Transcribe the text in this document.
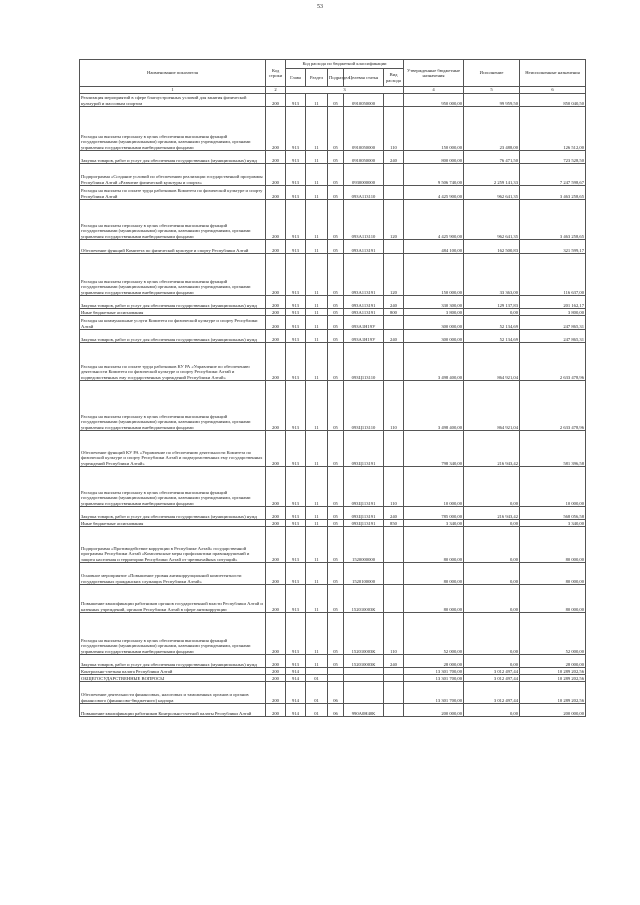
53
Наименование показателя	Код строки	Код расхода по бюджетной классификации					Утвержденные бюджетные назначения	Исполнение	Неисполненные назначения
		Глава	Раздел	Подраздел	Целевая статья	Вид расхода			
1	2	3					4	5	6
Реализация мероприятий в сфере благоустроенных условий для занятия физической культурой и массовым спортом	200	913	11	05	0910050000		950 000,00	99 959,50	850 040,50
Расходы на выплаты персоналу в целях обеспечения выполнения функций государственными (муниципальными) органами, казенными учреждениями, органами управления государственными внебюджетными фондами	200	913	11	05	0910050000	110	150 000,00	23 488,00	126 512,00
Закупка товаров, работ и услуг для обеспечения государственных (муниципальных) нужд	200	913	11	05	0910050000	240	800 000,00	76 471,50	723 528,50
Подпрограмма «Создание условий по обеспечению реализации государственной программы Республики Алтай «Развитие физической культуры и спорта»	200	913	11	05	0930000000		9 506 740,00	2 259 141,33	7 247 598,67
Расходы на выплаты по оплате труда работников Комитета по физической культуре и спорту Республики Алтай	200	913	11	05	093А113110		4 425 900,00	962 641,35	3 463 258,65
Расходы на выплаты персоналу в целях обеспечения выполнения функций государственными (муниципальными) органами, казенными учреждениями, органами управления государственными внебюджетными фондами	200	913	11	05	093А113110	120	4 425 900,00	962 641,35	3 463 258,65
Обеспечение функций Комитета по физической культуре и спорту Республики Алтай	200	913	11	05	093А113191		484 100,00	162 500,83	321 599,17
Расходы на выплаты персоналу в целях обеспечения выполнения функций государственными (муниципальными) органами, казенными учреждениями, органами управления государственными внебюджетными фондами	200	913	11	05	093А113191	120	150 000,00	33 363,00	116 637,00
Закупка товаров, работ и услуг для обеспечения государственных (муниципальных) нужд	200	913	11	05	093А113191	240	330 300,00	129 137,83	201 162,17
Иные бюджетные ассигнования	200	913	11	05	093А113191	800	3 800,00	0,00	3 800,00
Расходы на коммунальные услуги Комитета по физической культуре и спорту Республики Алтай	200	913	11	05	093А1Н19У		300 000,00	52 134,69	247 865,31
Закупка товаров, работ и услуг для обеспечения государственных (муниципальных) нужд	200	913	11	05	093А1Н19У	240	300 000,00	52 134,69	247 865,31
Расходы на выплаты по оплате труда работников КУ РА «Управление по обеспечению деятельности Комитета по физической культуре и спорту Республики Алтай и подведомственных ему государственных учреждений Республики Алтай»	200	913	11	05	093Ц113110		3 498 400,00	864 921,04	2 633 478,96
Расходы на выплаты персоналу в целях обеспечения выполнения функций государственными (муниципальными) органами, казенными учреждениями, органами управления государственными внебюджетными фондами	200	913	11	05	093Ц113110	110	3 498 400,00	864 921,04	2 633 478,96
Обеспечение функций КУ РА «Управление по обеспечению деятельности Комитета по физической культуре и спорту Республики Алтай и подведомственных ему государственных учреждений Республики Алтай»	200	913	11	05	093Ц113191		798 340,00	216 943,42	581 396,58
Расходы на выплаты персоналу в целях обеспечения выполнения функций государственными (муниципальными) органами, казенными учреждениями, органами управления государственными внебюджетными фондами	200	913	11	05	093Ц113191	110	10 000,00	0,00	10 000,00
Закупка товаров, работ и услуг для обеспечения государственных (муниципальных) нужд	200	913	11	05	093Ц113191	240	785 000,00	216 943,42	568 056,58
Иные бюджетные ассигнования	200	913	11	05	093Ц113191	850	3 340,00	0,00	3 340,00
Подпрограмма «Противодействие коррупции в Республике Алтай» государственной программы Республики Алтай «Комплексные меры профилактики правонарушений и защита населения и территории Республики Алтай от чрезвычайных ситуаций»	200	913	11	05	1520000000		80 000,00	0,00	80 000,00
Основное мероприятие «Повышение уровня антикоррупционной компетентности государственных гражданских служащих Республики Алтай»	200	913	11	05	1520100000		80 000,00	0,00	80 000,00
Повышение квалификации работников органов государственной власти Республики Алтай и казенных учреждений, органов Республики Алтай в сфере антикоррупции	200	913	11	05	152010003К		80 000,00	0,00	80 000,00
Расходы на выплаты персоналу в целях обеспечения выполнения функций государственными (муниципальными) органами, казенными учреждениями, органами управления государственными внебюджетными фондами	200	913	11	05	152010003К	110	52 000,00	0,00	52 000,00
Закупка товаров, работ и услуг для обеспечения государственных (муниципальных) нужд	200	913	11	05	152010003К	240	28 000,00	0,00	28 000,00
Контрольно-счетная палата Республики Алтай	200	914					13 301 700,00	3 012 497,44	10 289 202,56
ОБЩЕГОСУДАРСТВЕННЫЕ ВОПРОСЫ	200	914	01				13 301 700,00	3 012 497,44	10 289 202,56
Обеспечение деятельности финансовых, налоговых и таможенных органов и органов финансового (финансово-бюджетного) надзора	200	914	01	06			13 301 700,00	3 012 497,44	10 289 202,56
Повышение квалификации работников Контрольно-счетной палаты Республики Алтай	200	914	01	06	990А0Н40К		200 000,00	0,00	200 000,00
